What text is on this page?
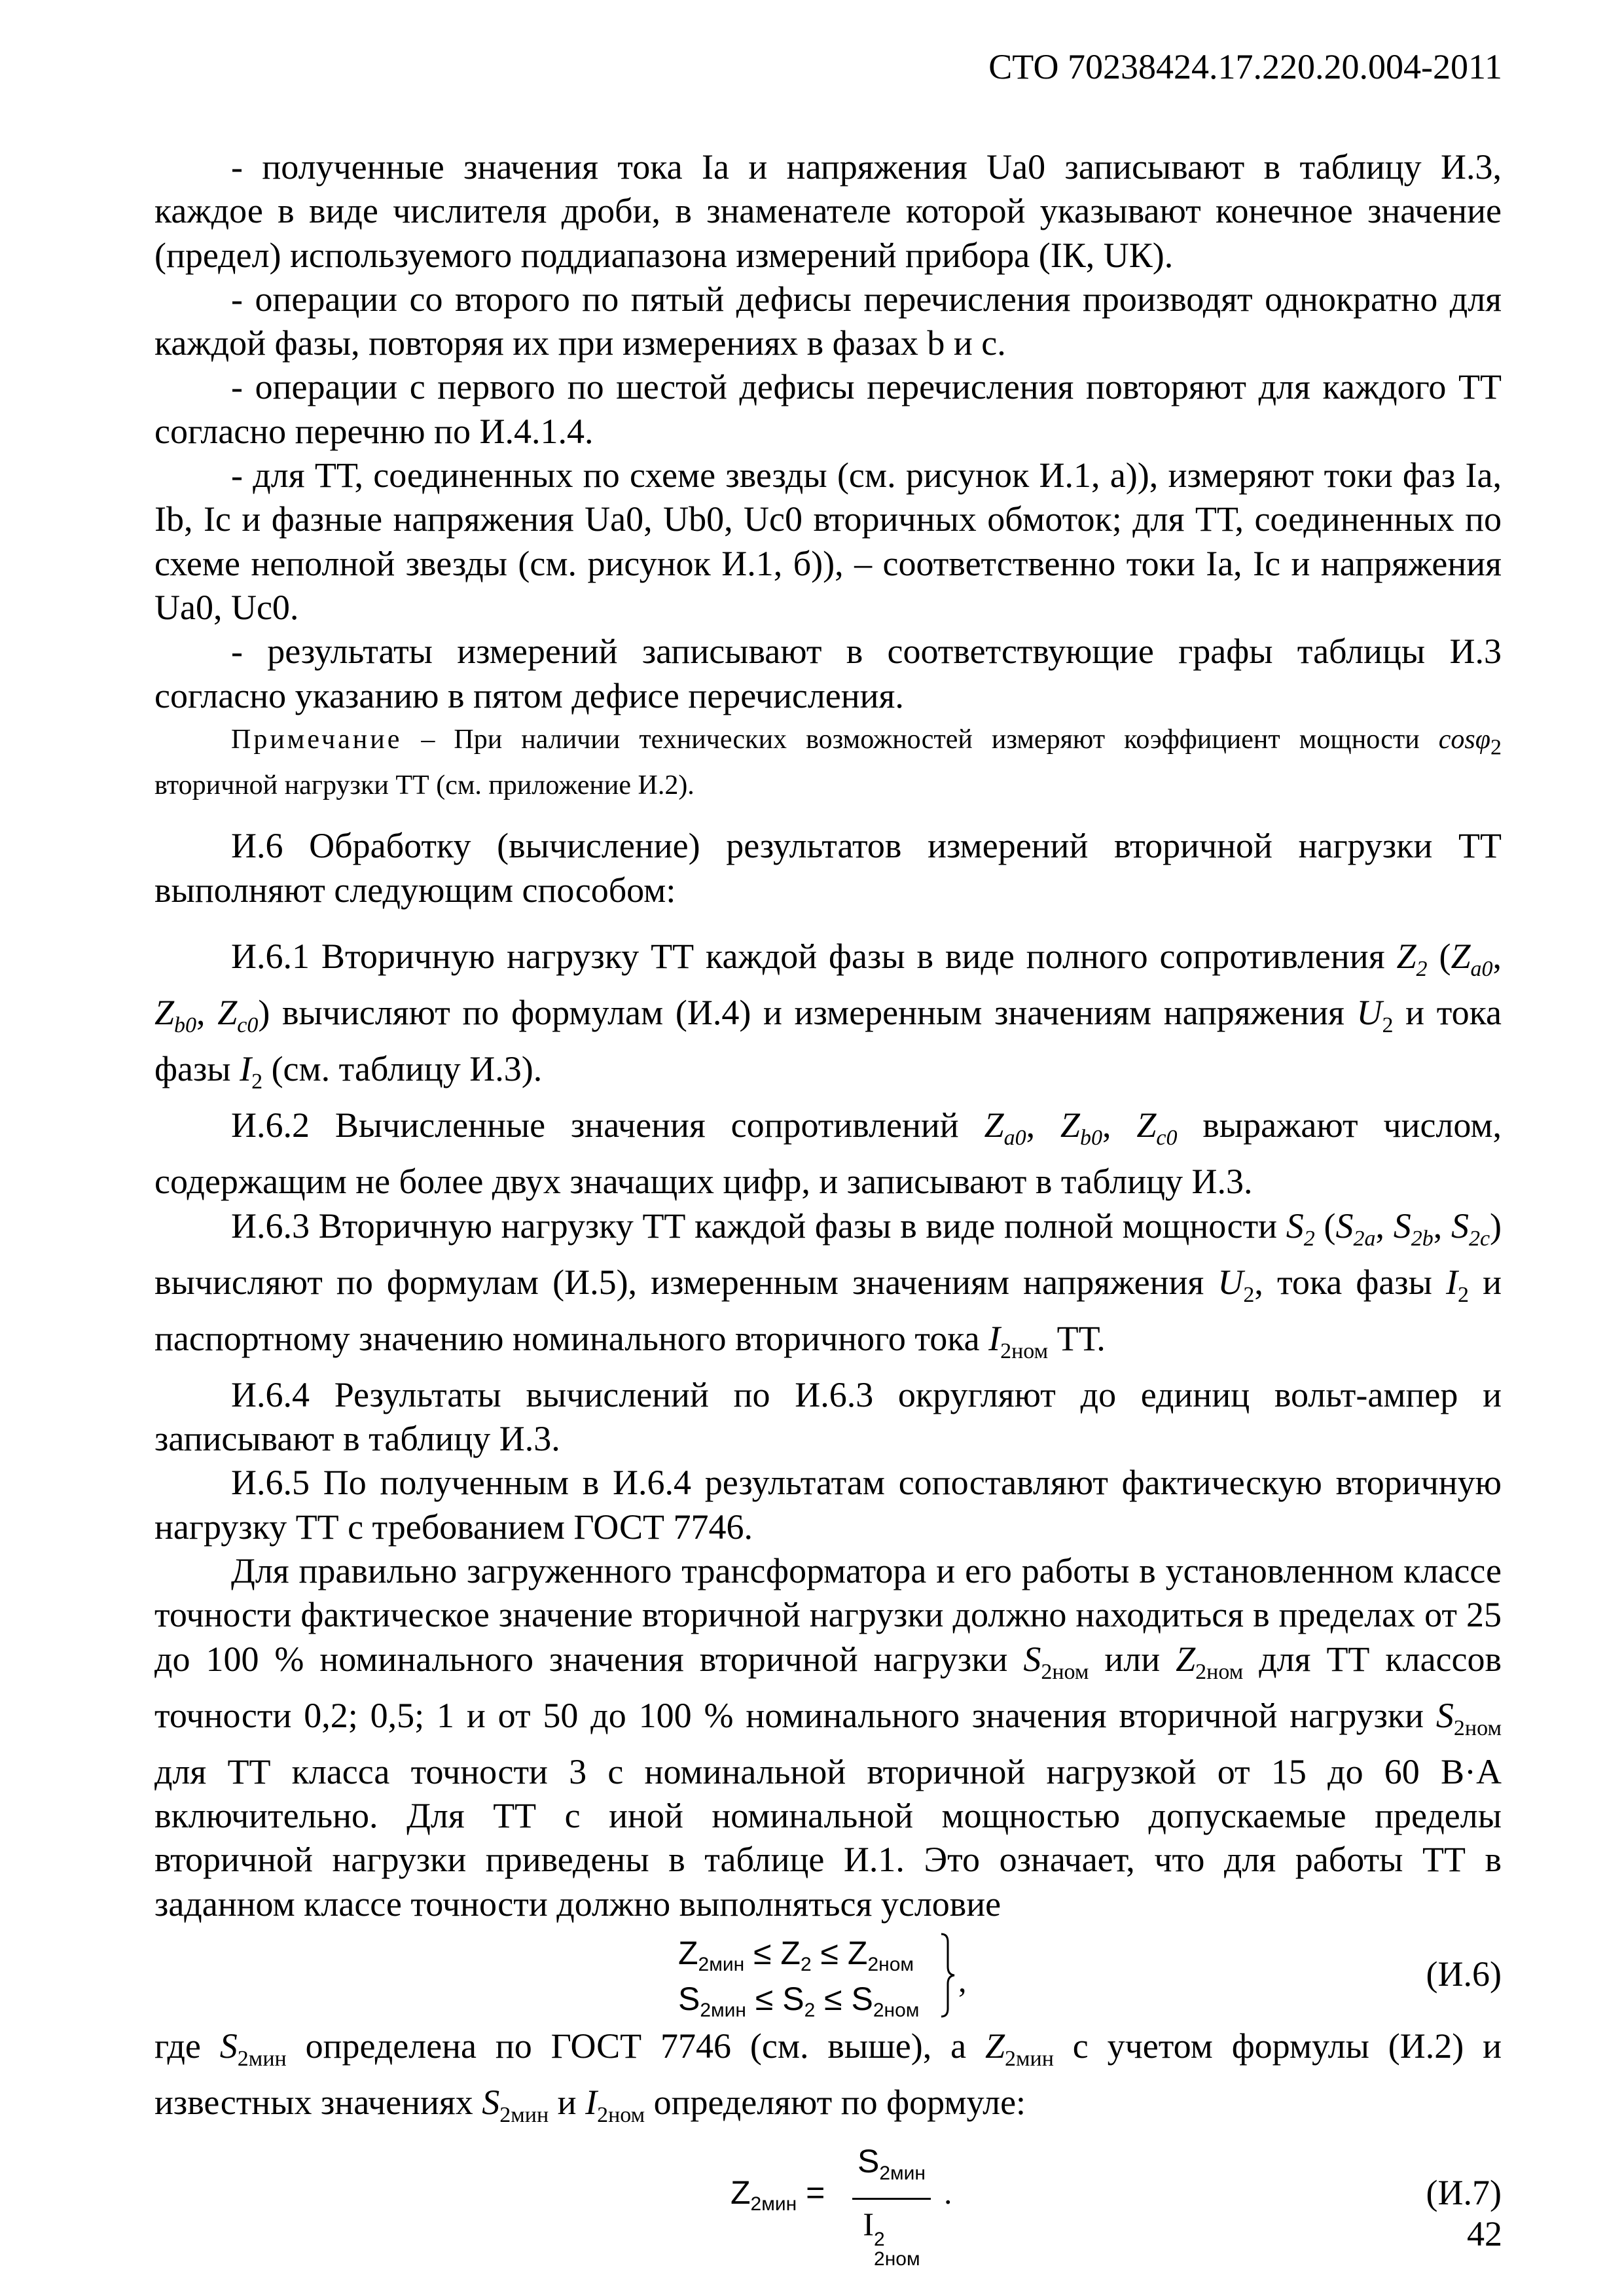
СТО 70238424.17.220.20.004-2011

- полученные значения тока Ia и напряжения Ua0 записывают в таблицу И.3, каждое в виде числителя дроби, в знаменателе которой указывают конечное значение (предел) используемого поддиапазона измерений прибора (IК, UК).

- операции со второго по пятый дефисы перечисления производят однократно для каждой фазы, повторяя их при измерениях в фазах b и с.

- операции с первого по шестой дефисы перечисления повторяют для каждого ТТ согласно перечню по И.4.1.4.

- для ТТ, соединенных по схеме звезды (см. рисунок И.1, а)), измеряют токи фаз Ia, Ib, Ic и фазные напряжения Ua0, Ub0, Uc0 вторичных обмоток; для ТТ, соединенных по схеме неполной звезды (см. рисунок И.1, б)), – соответственно токи Ia, Ic и напряжения Ua0, Uc0.

- результаты измерений записывают в соответствующие графы таблицы И.3 согласно указанию в пятом дефисе перечисления.

Примечание – При наличии технических возможностей измеряют коэффициент мощности cosφ$_2$ вторичной нагрузки ТТ (см. приложение И.2).

И.6 Обработку (вычисление) результатов измерений вторичной нагрузки ТТ выполняют следующим способом:

И.6.1 Вторичную нагрузку ТТ каждой фазы в виде полного сопротивления $Z_2$ ($Z_{a0}$, $Z_{b0}$, $Z_{c0}$) вычисляют по формулам (И.4) и измеренным значениям напряжения $U_2$ и тока фазы $I_2$ (см. таблицу И.3).

И.6.2 Вычисленные значения сопротивлений $Z_{a0}$, $Z_{b0}$, $Z_{c0}$ выражают числом, содержащим не более двух значащих цифр, и записывают в таблицу И.3.

И.6.3 Вторичную нагрузку ТТ каждой фазы в виде полной мощности $S_2$ ($S_{2a}$, $S_{2b}$, $S_{2c}$) вычисляют по формулам (И.5), измеренным значениям напряжения $U_2$, тока фазы $I_2$ и паспортному значению номинального вторичного тока $I_{2ном}$ ТТ.

И.6.4 Результаты вычислений по И.6.3 округляют до единиц вольт-ампер и записывают в таблицу И.3.

И.6.5 По полученным в И.6.4 результатам сопоставляют фактическую вторичную нагрузку ТТ с требованием ГОСТ 7746.

Для правильно загруженного трансформатора и его работы в установленном классе точности фактическое значение вторичной нагрузки должно находиться в пределах от 25 до 100 % номинального значения вторичной нагрузки $S_{2ном}$ или $Z_{2ном}$ для ТТ классов точности 0,2; 0,5; 1 и от 50 до 100 % номинального значения вторичной нагрузки $S_{2ном}$ для ТТ класса точности 3 с номинальной вторичной нагрузкой от 15 до 60 В·А включительно. Для ТТ с иной номинальной мощностью допускаемые пределы вторичной нагрузки приведены в таблице И.1. Это означает, что для работы ТТ в заданном классе точности должно выполняться условие

$Z_{2мин} \le Z_2 \le Z_{2ном}$
$S_{2мин} \le S_2 \le S_{2ном}$
,	(И.6)

где $S_{2мин}$ определена по ГОСТ 7746 (см. выше), а $Z_{2мин}$ с учетом формулы (И.2) и известных значениях $S_{2мин}$ и $I_{2ном}$ определяют по формуле:

$Z_{2мин}$ =
$S_{2мин}$
I 2
2ном
.	(И.7)
42
